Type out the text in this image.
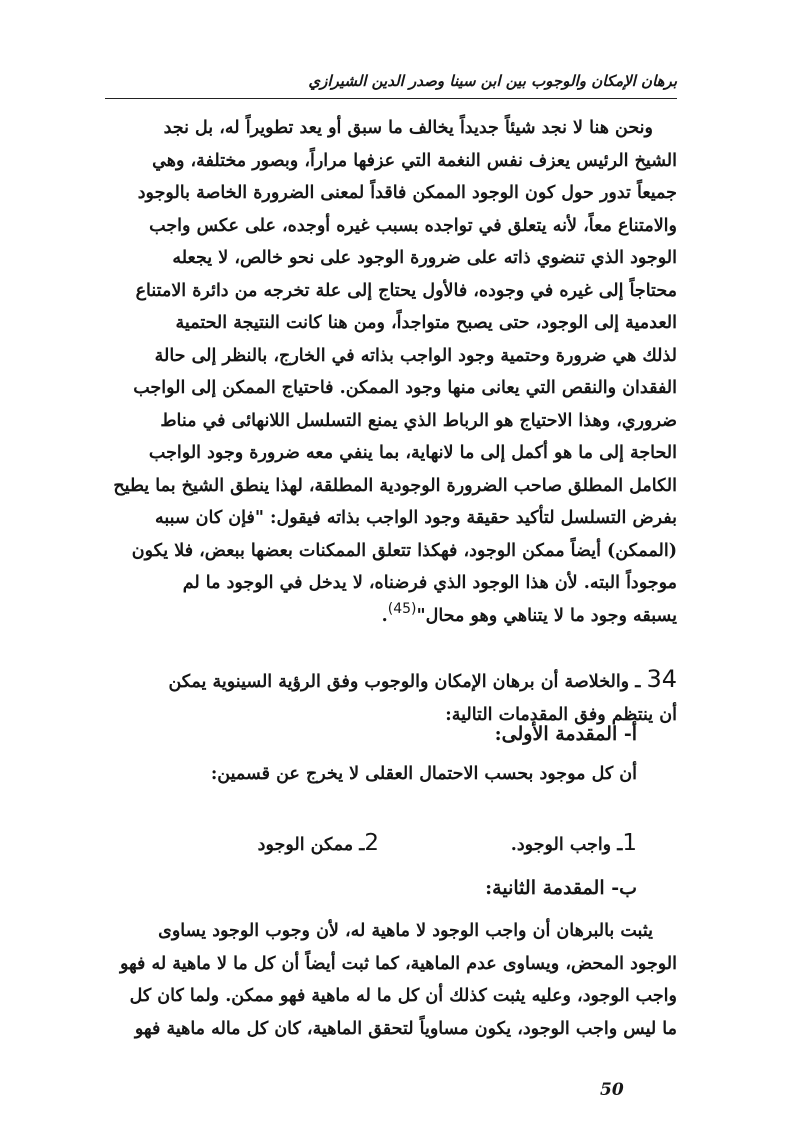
برهان الإمكان والوجوب بين ابن سينا وصدر الدين الشيرازي
ونحن هنا لا نجد شيئاً جديداً يخالف ما سبق أو يعد تطويراً له، بل نجد
الشيخ الرئيس يعزف نفس النغمة التي عزفها مراراً، وبصور مختلفة، وهي
جميعاً تدور حول كون الوجود الممكن فاقداً لمعنى الضرورة الخاصة بالوجود
والامتناع معاً، لأنه يتعلق في تواجده بسبب غيره أوجده، على عكس واجب
الوجود الذي تنضوي ذاته على ضرورة الوجود على نحو خالص، لا يجعله
محتاجاً إلى غيره في وجوده، فالأول يحتاج إلى علة تخرجه من دائرة الامتناع
العدمية إلى الوجود، حتى يصبح متواجداً، ومن هنا كانت النتيجة الحتمية
لذلك هي ضرورة وحتمية وجود الواجب بذاته في الخارج، بالنظر إلى حالة
الفقدان والنقص التي يعانى منها وجود الممكن. فاحتياج الممكن إلى الواجب
ضروري، وهذا الاحتياج هو الرباط الذي يمنع التسلسل اللانهائى في مناط
الحاجة إلى ما هو أكمل إلى ما لانهاية، بما ينفي معه ضرورة وجود الواجب
الكامل المطلق صاحب الضرورة الوجودية المطلقة، لهذا ينطق الشيخ بما يطيح
بفرض التسلسل لتأكيد حقيقة وجود الواجب بذاته فيقول: "فإن كان سببه
(الممكن) أيضاً ممكن الوجود، فهكذا تتعلق الممكنات بعضها ببعض، فلا يكون
موجوداً البته. لأن هذا الوجود الذي فرضناه، لا يدخل في الوجود ما لم
يسبقه وجود ما لا يتناهي وهو محال"$^{(45)}$.
34 ـ والخلاصة أن برهان الإمكان والوجوب وفق الرؤية السينوية يمكن
أن ينتظم وفق المقدمات التالية:
أ- المقدمة الأولى:
أن كل موجود بحسب الاحتمال العقلى لا يخرج عن قسمين:
1ـ واجب الوجود.
2ـ ممكن الوجود
ب- المقدمة الثانية:
يثبت بالبرهان أن واجب الوجود لا ماهية له، لأن وجوب الوجود يساوى
الوجود المحض، ويساوى عدم الماهية، كما ثبت أيضاً أن كل ما لا ماهية له فهو
واجب الوجود، وعليه يثبت كذلك أن كل ما له ماهية فهو ممكن. ولما كان كل
ما ليس واجب الوجود، يكون مساوياً لتحقق الماهية، كان كل ماله ماهية فهو
50
